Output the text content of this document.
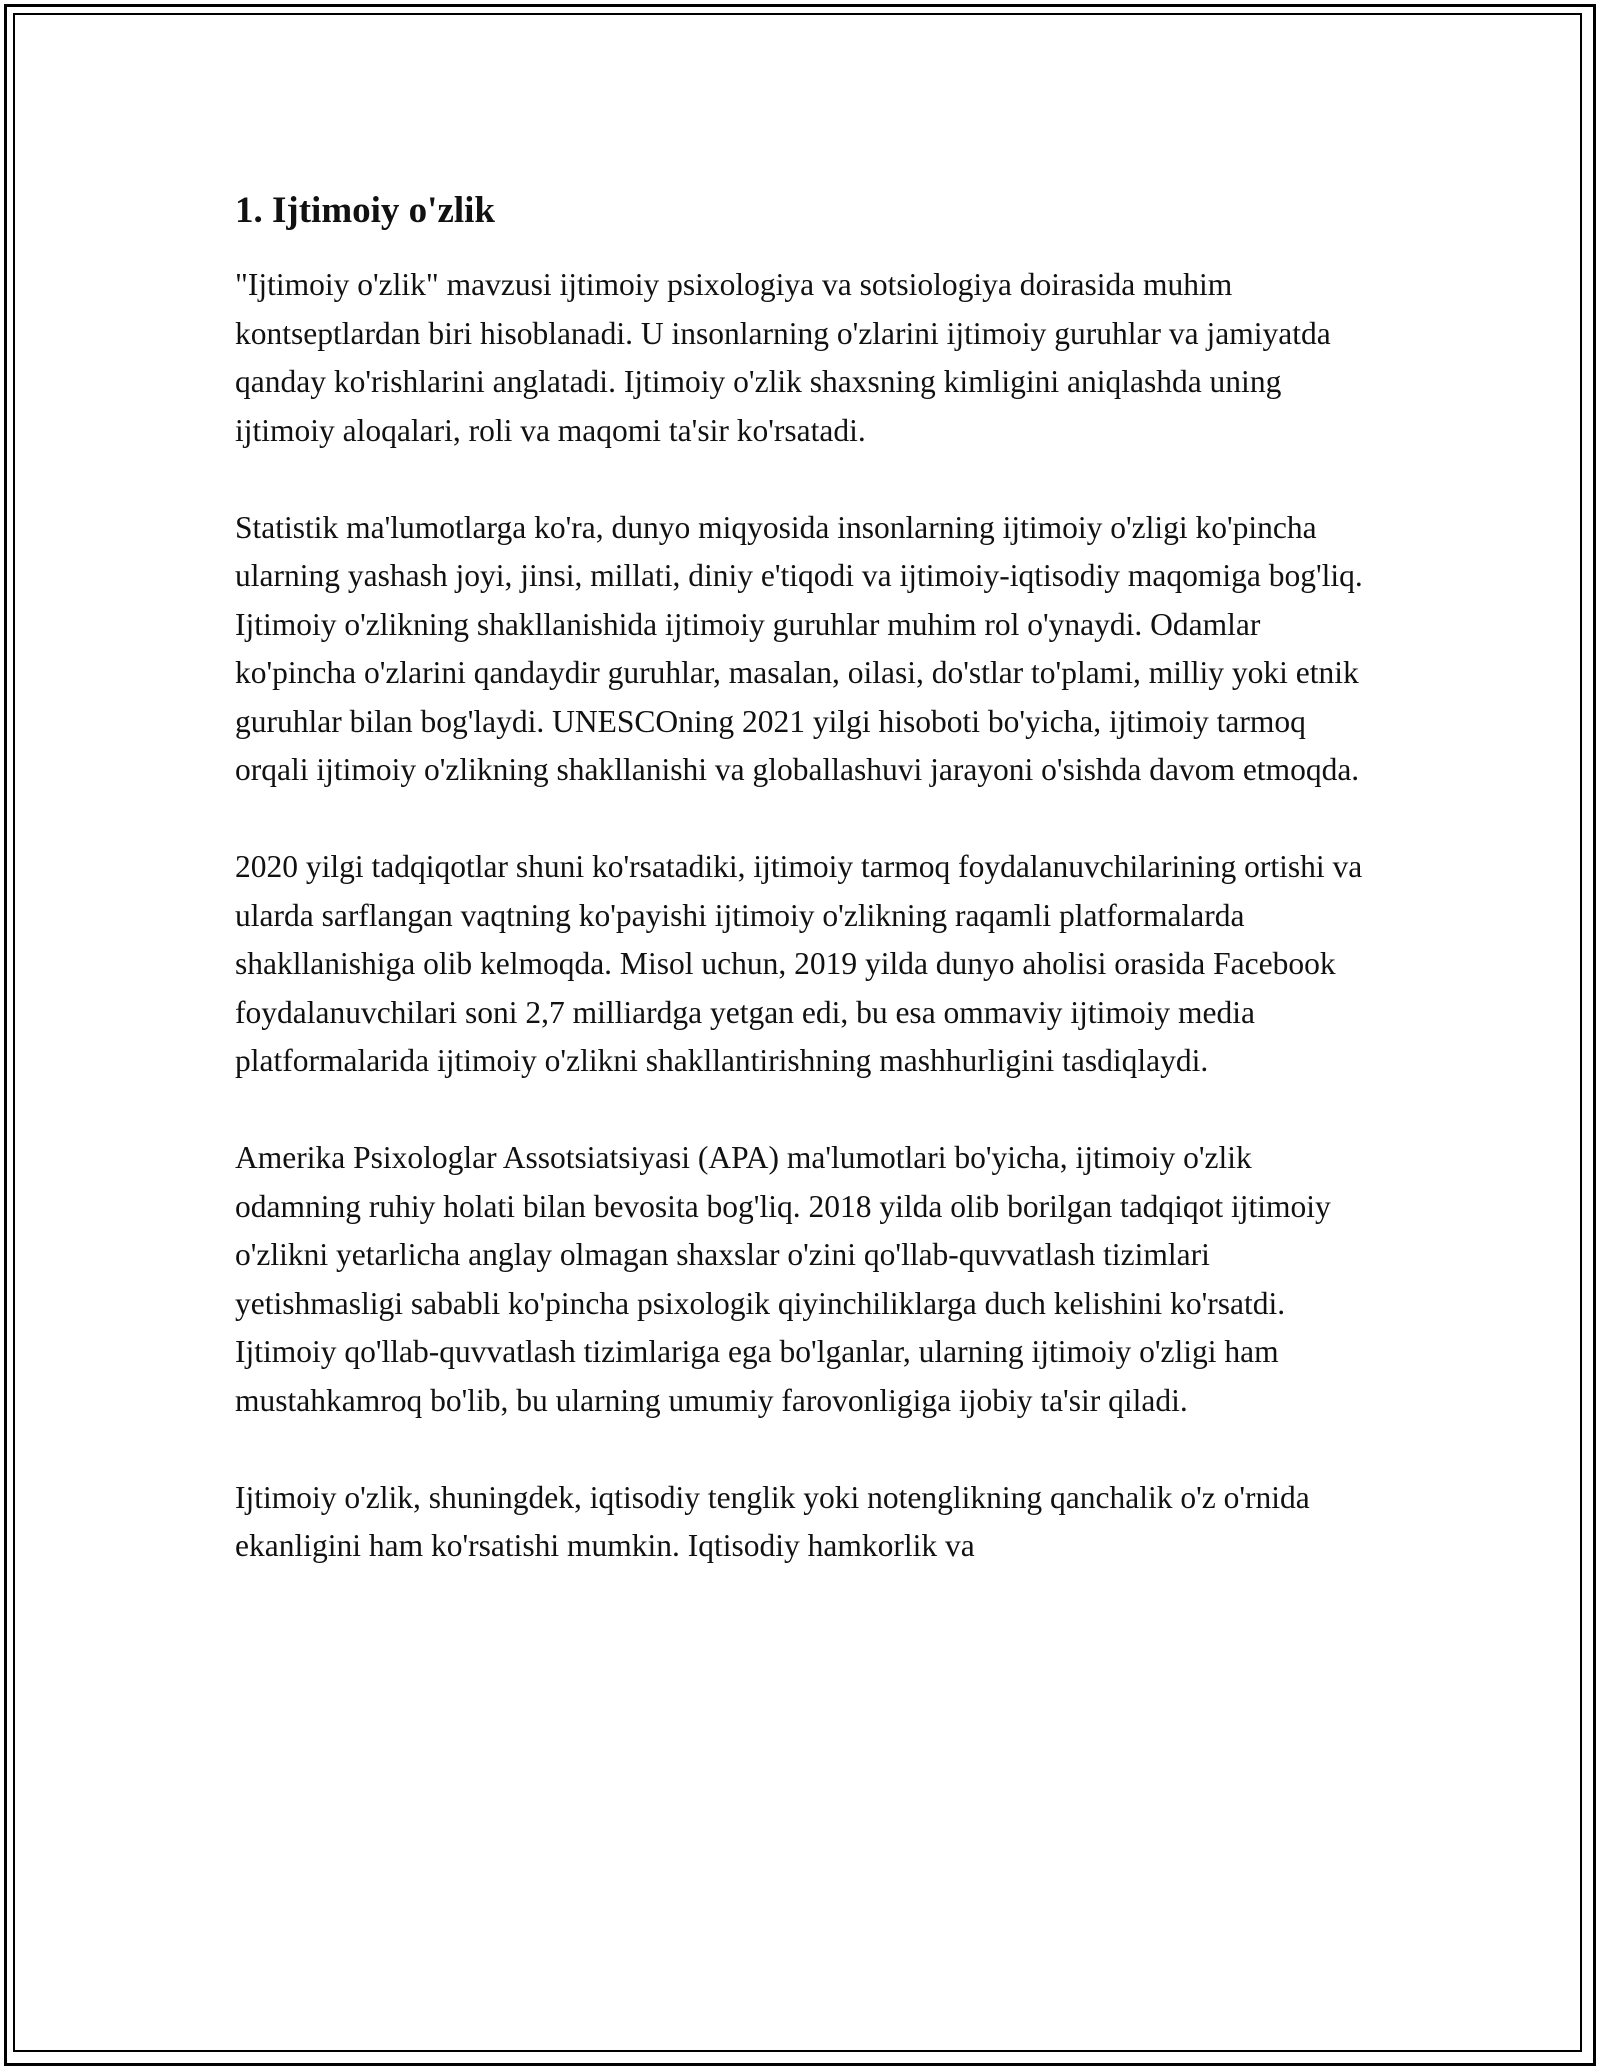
1. Ijtimoiy o'zlik

"Ijtimoiy o'zlik" mavzusi ijtimoiy psixologiya va sotsiologiya doirasida muhim kontseptlardan biri hisoblanadi. U insonlarning o'zlarini ijtimoiy guruhlar va jamiyatda qanday ko'rishlarini anglatadi. Ijtimoiy o'zlik shaxsning kimligini aniqlashda uning ijtimoiy aloqalari, roli va maqomi ta'sir ko'rsatadi.

Statistik ma'lumotlarga ko'ra, dunyo miqyosida insonlarning ijtimoiy o'zligi ko'pincha ularning yashash joyi, jinsi, millati, diniy e'tiqodi va ijtimoiy-iqtisodiy maqomiga bog'liq. Ijtimoiy o'zlikning shakllanishida ijtimoiy guruhlar muhim rol o'ynaydi. Odamlar ko'pincha o'zlarini qandaydir guruhlar, masalan, oilasi, do'stlar to'plami, milliy yoki etnik guruhlar bilan bog'laydi. UNESCOning 2021 yilgi hisoboti bo'yicha, ijtimoiy tarmoq orqali ijtimoiy o'zlikning shakllanishi va globallashuvi jarayoni o'sishda davom etmoqda.

2020 yilgi tadqiqotlar shuni ko'rsatadiki, ijtimoiy tarmoq foydalanuvchilarining ortishi va ularda sarflangan vaqtning ko'payishi ijtimoiy o'zlikning raqamli platformalarda shakllanishiga olib kelmoqda. Misol uchun, 2019 yilda dunyo aholisi orasida Facebook foydalanuvchilari soni 2,7 milliardga yetgan edi, bu esa ommaviy ijtimoiy media platformalarida ijtimoiy o'zlikni shakllantirishning mashhurligini tasdiqlaydi.

Amerika Psixologlar Assotsiatsiyasi (APA) ma'lumotlari bo'yicha, ijtimoiy o'zlik odamning ruhiy holati bilan bevosita bog'liq. 2018 yilda olib borilgan tadqiqot ijtimoiy o'zlikni yetarlicha anglay olmagan shaxslar o'zini qo'llab-quvvatlash tizimlari yetishmasligi sababli ko'pincha psixologik qiyinchiliklarga duch kelishini ko'rsatdi. Ijtimoiy qo'llab-quvvatlash tizimlariga ega bo'lganlar, ularning ijtimoiy o'zligi ham mustahkamroq bo'lib, bu ularning umumiy farovonligiga ijobiy ta'sir qiladi.

Ijtimoiy o'zlik, shuningdek, iqtisodiy tenglik yoki notenglikning qanchalik o'z o'rnida ekanligini ham ko'rsatishi mumkin. Iqtisodiy hamkorlik va
